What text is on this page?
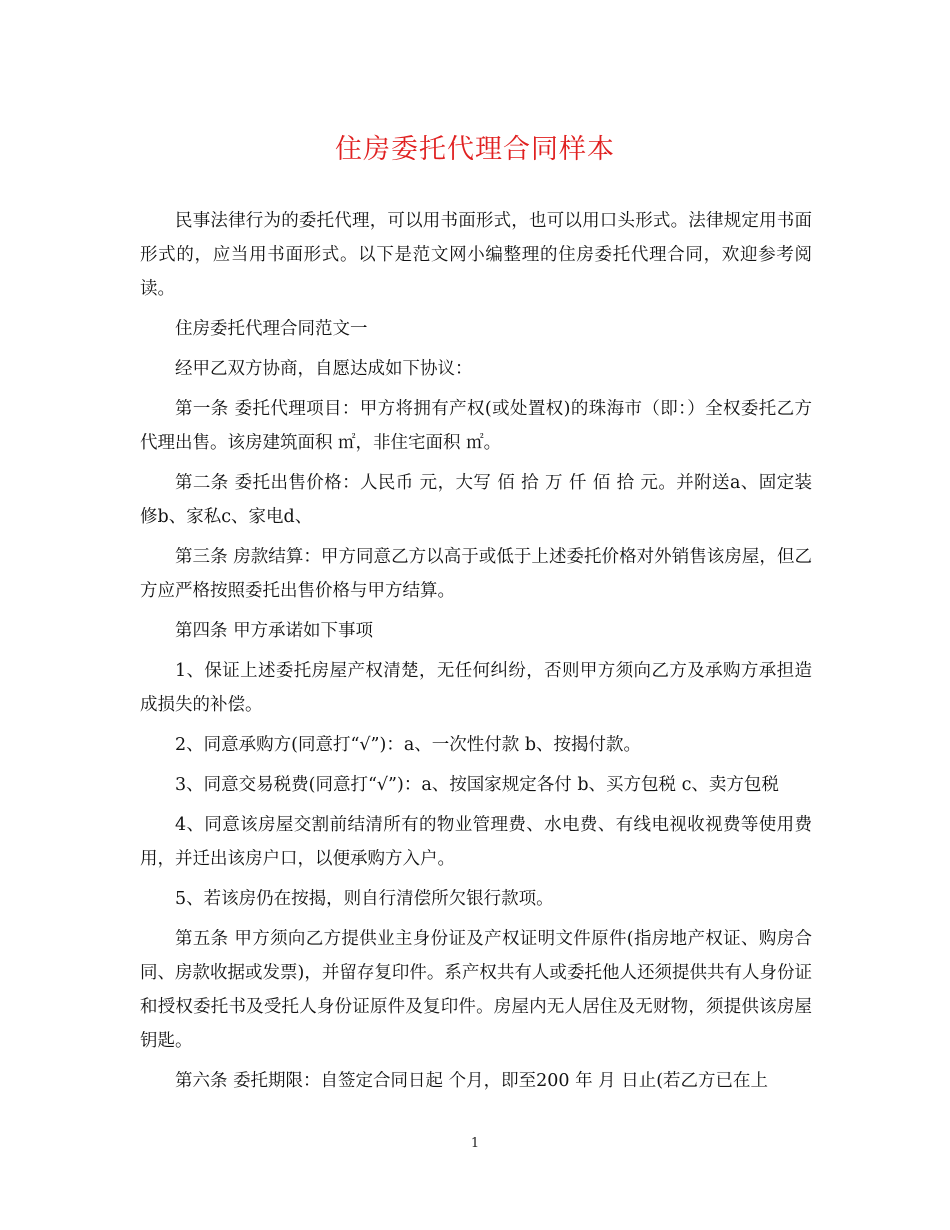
住房委托代理合同样本

民事法律行为的委托代理，可以用书面形式，也可以用口头形式。法律规定用书面形式的，应当用书面形式。以下是范文网小编整理的住房委托代理合同，欢迎参考阅读。

住房委托代理合同范文一

经甲乙双方协商，自愿达成如下协议：

第一条 委托代理项目：甲方将拥有产权(或处置权)的珠海市（即：）全权委托乙方代理出售。该房建筑面积 ㎡，非住宅面积 ㎡。

第二条 委托出售价格：人民币 元，大写 佰 拾 万 仟 佰 拾 元。并附送a、固定装修b、家私c、家电d、

第三条 房款结算：甲方同意乙方以高于或低于上述委托价格对外销售该房屋，但乙方应严格按照委托出售价格与甲方结算。

第四条 甲方承诺如下事项

1、保证上述委托房屋产权清楚，无任何纠纷，否则甲方须向乙方及承购方承担造成损失的补偿。

2、同意承购方(同意打“√”)：a、一次性付款 b、按揭付款。

3、同意交易税费(同意打“√”)：a、按国家规定各付 b、买方包税 c、卖方包税

4、同意该房屋交割前结清所有的物业管理费、水电费、有线电视收视费等使用费用，并迁出该房户口，以便承购方入户。

5、若该房仍在按揭，则自行清偿所欠银行款项。

第五条 甲方须向乙方提供业主身份证及产权证明文件原件(指房地产权证、购房合同、房款收据或发票)，并留存复印件。系产权共有人或委托他人还须提供共有人身份证和授权委托书及受托人身份证原件及复印件。房屋内无人居住及无财物，须提供该房屋钥匙。

第六条 委托期限：自签定合同日起 个月，即至200 年 月 日止(若乙方已在上

1
